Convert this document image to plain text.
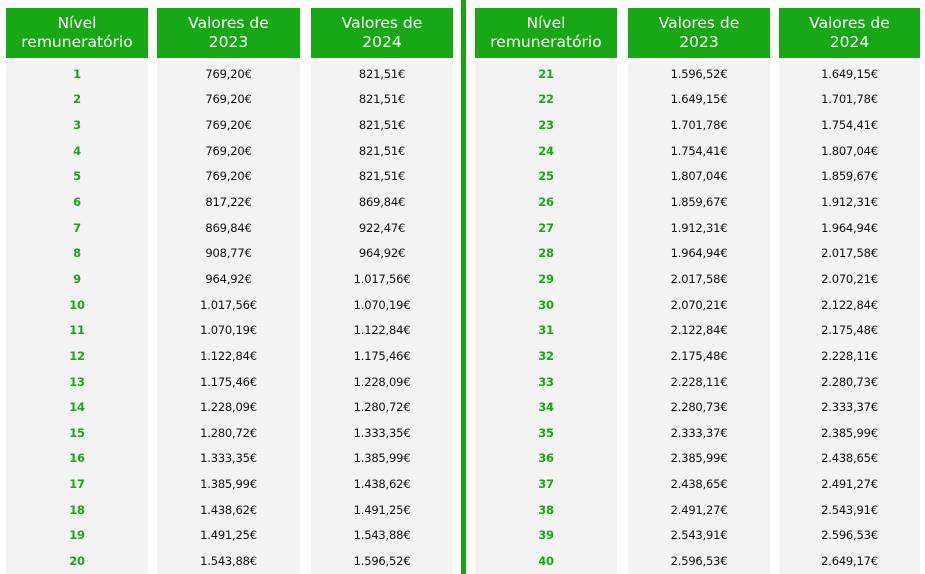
Nível
remuneratório
1
2
3
4
5
6
7
8
9
10
11
12
13
14
15
16
17
18
19
20
Valores de
2023
769,20€
769,20€
769,20€
769,20€
769,20€
817,22€
869,84€
908,77€
964,92€
1.017,56€
1.070,19€
1.122,84€
1.175,46€
1.228,09€
1.280,72€
1.333,35€
1.385,99€
1.438,62€
1.491,25€
1.543,88€
Valores de
2024
821,51€
821,51€
821,51€
821,51€
821,51€
869,84€
922,47€
964,92€
1.017,56€
1.070,19€
1.122,84€
1.175,46€
1.228,09€
1.280,72€
1.333,35€
1.385,99€
1.438,62€
1.491,25€
1.543,88€
1.596,52€
Nível
remuneratório
21
22
23
24
25
26
27
28
29
30
31
32
33
34
35
36
37
38
39
40
Valores de
2023
1.596,52€
1.649,15€
1.701,78€
1.754,41€
1.807,04€
1.859,67€
1.912,31€
1.964,94€
2.017,58€
2.070,21€
2.122,84€
2.175,48€
2.228,11€
2.280,73€
2.333,37€
2.385,99€
2.438,65€
2.491,27€
2.543,91€
2.596,53€
Valores de
2024
1.649,15€
1.701,78€
1.754,41€
1.807,04€
1.859,67€
1.912,31€
1.964,94€
2.017,58€
2.070,21€
2.122,84€
2.175,48€
2.228,11€
2.280,73€
2.333,37€
2.385,99€
2.438,65€
2.491,27€
2.543,91€
2.596,53€
2.649,17€
